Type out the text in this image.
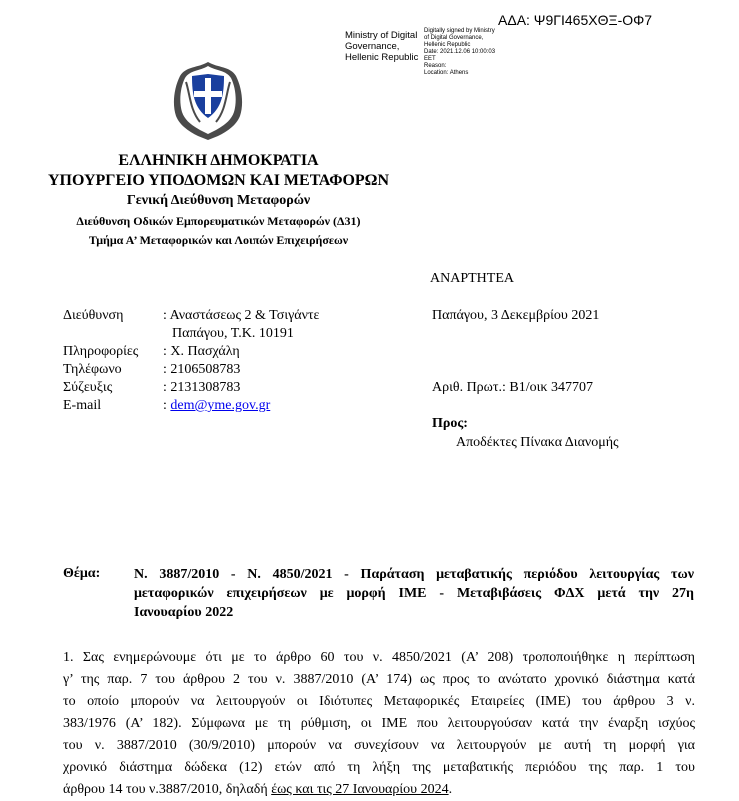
ΑΔΑ: Ψ9ΓΙ465ΧΘΞ-ΟΦ7
Ministry of Digital
Governance,
Hellenic Republic
Digitally signed by Ministry
of Digital Governance,
Hellenic Republic
Date: 2021.12.06 10:00:03
EET
Reason:
Location: Athens
ΕΛΛΗΝΙΚΗ ΔΗΜΟΚΡΑΤΙΑ
ΥΠΟΥΡΓΕΙΟ ΥΠΟΔΟΜΩΝ ΚΑΙ ΜΕΤΑΦΟΡΩΝ
Γενική Διεύθυνση Μεταφορών
Διεύθυνση Οδικών Εμπορευματικών Μεταφορών (Δ31)
Τμήμα Α’ Μεταφορικών και Λοιπών Επιχειρήσεων
ΑΝΑΡΤΗΤΕΑ
Διεύθυνση	: Αναστάσεως 2 & Τσιγάντε
Παπάγου, Τ.Κ. 10191
Πληροφορίες : Χ. Πασχάλη
Τηλέφωνο	: 2106508783
Σύζευξις	: 2131308783
E-mail	: dem@yme.gov.gr
Παπάγου, 3 Δεκεμβρίου 2021
Αριθ. Πρωτ.: Β1/οικ 347707
Προς:
Αποδέκτες Πίνακα Διανομής
Θέμα: Ν. 3887/2010 - Ν. 4850/2021 - Παράταση μεταβατικής περιόδου λειτουργίας των
μεταφορικών επιχειρήσεων με μορφή ΙΜΕ - Μεταβιβάσεις ΦΔΧ μετά την 27η
Ιανουαρίου 2022
1. Σας ενημερώνουμε ότι με το άρθρο 60 του ν. 4850/2021 (Α’ 208) τροποποιήθηκε η περίπτωση
γ’ της παρ. 7 του άρθρου 2 του ν. 3887/2010 (Α’ 174) ως προς το ανώτατο χρονικό διάστημα κατά
το οποίο μπορούν να λειτουργούν οι Ιδιότυπες Μεταφορικές Εταιρείες (ΙΜΕ) του άρθρου 3 ν.
383/1976 (Α’ 182). Σύμφωνα με τη ρύθμιση, οι ΙΜΕ που λειτουργούσαν κατά την έναρξη ισχύος
του ν. 3887/2010 (30/9/2010) μπορούν να συνεχίσουν να λειτουργούν με αυτή τη μορφή για
χρονικό διάστημα δώδεκα (12) ετών από τη λήξη της μεταβατικής περιόδου της παρ. 1 του
άρθρου 14 του ν.3887/2010, δηλαδή έως και τις 27 Ιανουαρίου 2024.
